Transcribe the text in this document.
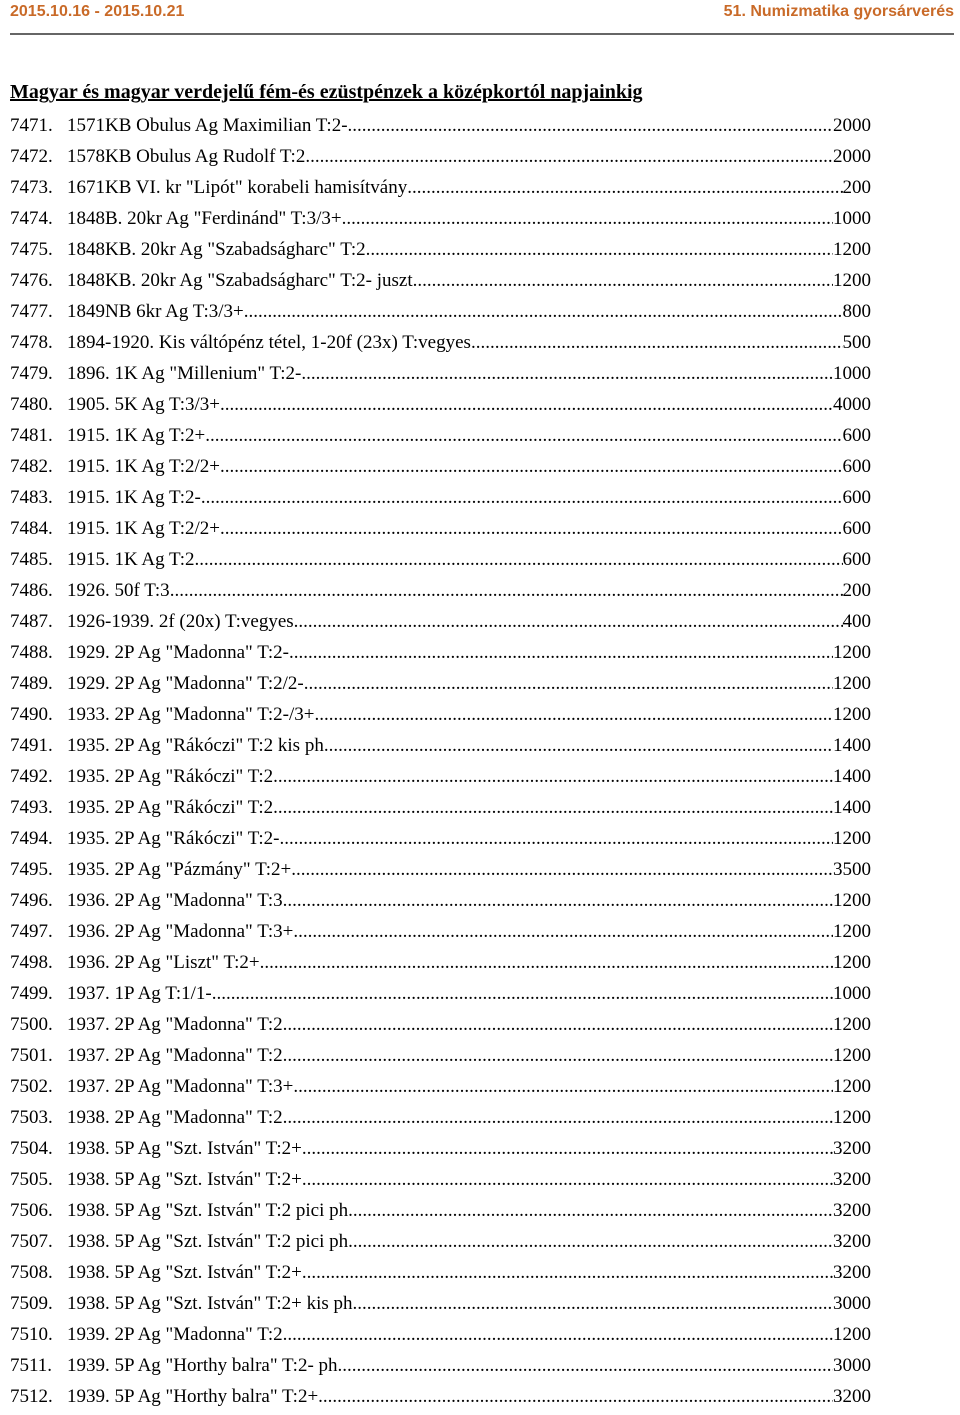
2015.10.16 - 2015.10.21	51. Numizmatika gyorsárverés
Magyar és magyar verdejelű fém-és ezüstpénzek a középkortól napjainkig
7471. 1571KB Obulus Ag Maximilian T:2- .....	2000
7472. 1578KB Obulus Ag Rudolf T:2 .....	2000
7473. 1671KB VI. kr "Lipót" korabeli hamisítvány .....	200
7474. 1848B. 20kr Ag "Ferdinánd" T:3/3+ .....	1000
7475. 1848KB. 20kr Ag "Szabadságharc" T:2 .....	1200
7476. 1848KB. 20kr Ag "Szabadságharc" T:2- juszt. .....	1200
7477. 1849NB 6kr Ag T:3/3+ .....	800
7478. 1894-1920. Kis váltópénz tétel, 1-20f (23x) T:vegyes .....	500
7479. 1896. 1K Ag "Millenium" T:2- .....	1000
7480. 1905. 5K Ag T:3/3+ .....	4000
7481. 1915. 1K Ag T:2+ .....	600
7482. 1915. 1K Ag T:2/2+ .....	600
7483. 1915. 1K Ag T:2- .....	600
7484. 1915. 1K Ag T:2/2+ .....	600
7485. 1915. 1K Ag T:2 .....	600
7486. 1926. 50f T:3 .....	200
7487. 1926-1939. 2f (20x) T:vegyes .....	400
7488. 1929. 2P Ag "Madonna" T:2- .....	1200
7489. 1929. 2P Ag "Madonna" T:2/2- .....	1200
7490. 1933. 2P Ag "Madonna" T:2-/3+ .....	1200
7491. 1935. 2P Ag "Rákóczi" T:2 kis ph .....	1400
7492. 1935. 2P Ag "Rákóczi" T:2 .....	1400
7493. 1935. 2P Ag "Rákóczi" T:2 .....	1400
7494. 1935. 2P Ag "Rákóczi" T:2- .....	1200
7495. 1935. 2P Ag "Pázmány" T:2+ .....	3500
7496. 1936. 2P Ag "Madonna" T:3 .....	1200
7497. 1936. 2P Ag "Madonna" T:3+ .....	1200
7498. 1936. 2P Ag "Liszt" T:2+ .....	1200
7499. 1937. 1P Ag T:1/1- .....	1000
7500. 1937. 2P Ag "Madonna" T:2 .....	1200
7501. 1937. 2P Ag "Madonna" T:2 .....	1200
7502. 1937. 2P Ag "Madonna" T:3+ .....	1200
7503. 1938. 2P Ag "Madonna" T:2 .....	1200
7504. 1938. 5P Ag "Szt. István" T:2+ .....	3200
7505. 1938. 5P Ag "Szt. István" T:2+ .....	3200
7506. 1938. 5P Ag "Szt. István" T:2 pici ph .....	3200
7507. 1938. 5P Ag "Szt. István" T:2 pici ph .....	3200
7508. 1938. 5P Ag "Szt. István" T:2+ .....	3200
7509. 1938. 5P Ag "Szt. István" T:2+ kis ph .....	3000
7510. 1939. 2P Ag "Madonna" T:2 .....	1200
7511. 1939. 5P Ag "Horthy balra" T:2- ph .....	3000
7512. 1939. 5P Ag "Horthy balra" T:2+ .....	3200
